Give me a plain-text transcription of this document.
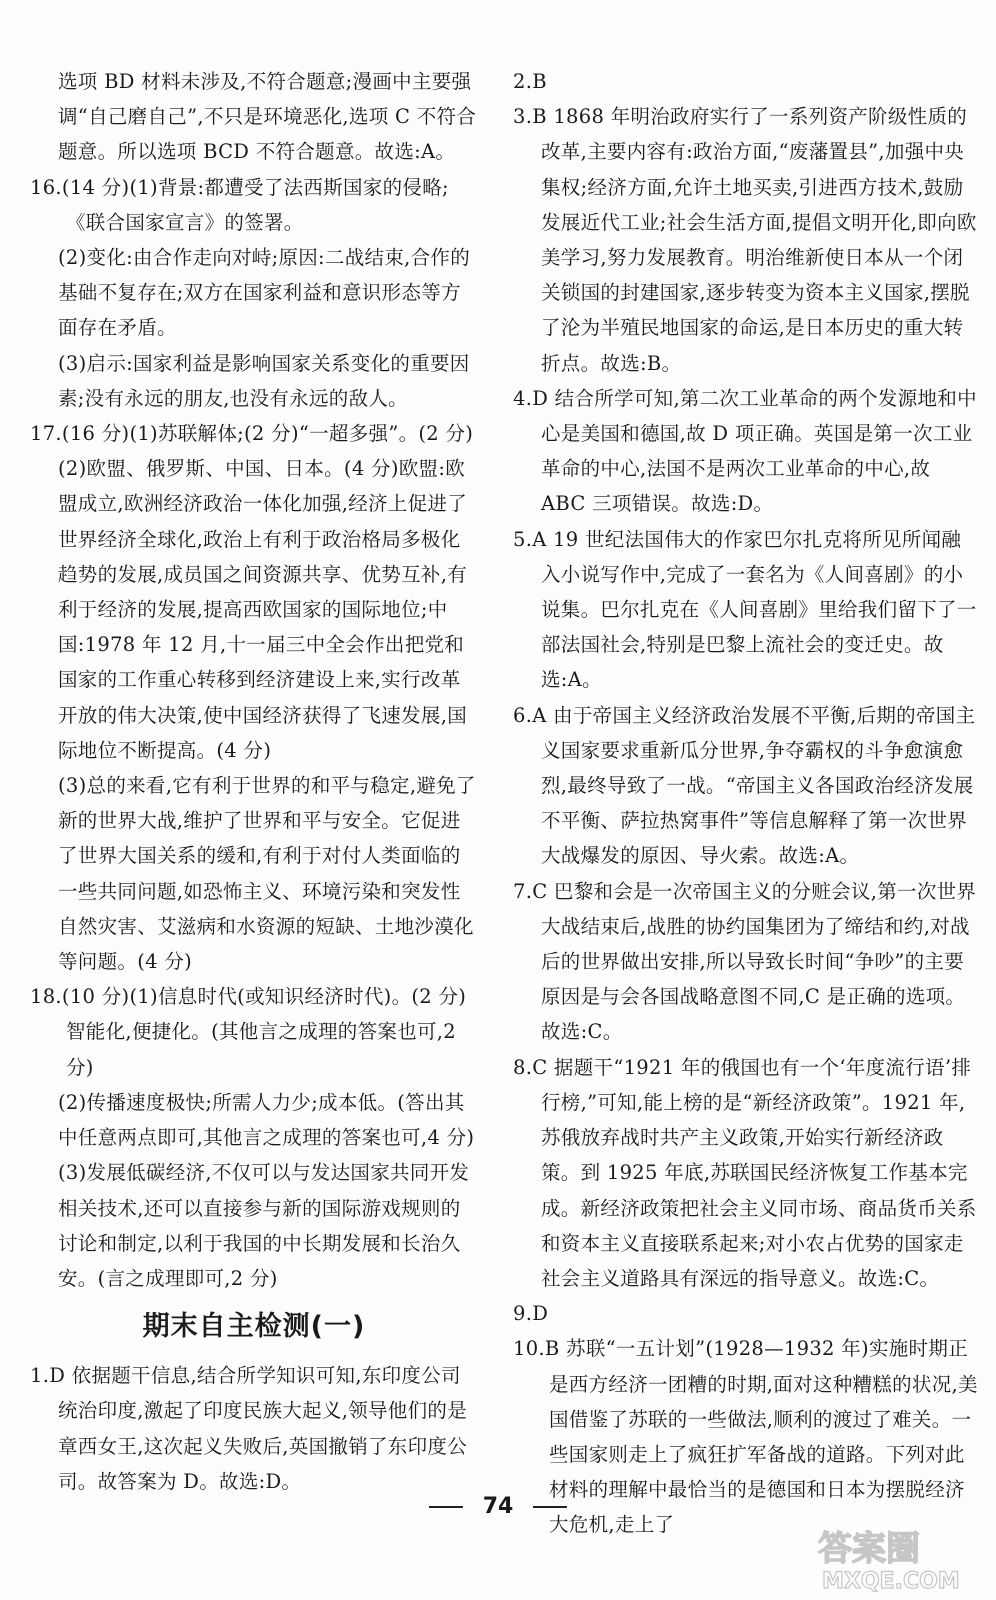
选项 BD 材料未涉及,不符合题意;漫画中主要强调“自己磨自己”,不只是环境恶化,选项 C 不符合题意。所以选项 BCD 不符合题意。故选:A。
16.(14 分)(1)背景:都遭受了法西斯国家的侵略;《联合国家宣言》的签署。
(2)变化:由合作走向对峙;原因:二战结束,合作的基础不复存在;双方在国家利益和意识形态等方面存在矛盾。
(3)启示:国家利益是影响国家关系变化的重要因素;没有永远的朋友,也没有永远的敌人。
17.(16 分)(1)苏联解体;(2 分)“一超多强”。(2 分)
(2)欧盟、俄罗斯、中国、日本。(4 分)欧盟:欧盟成立,欧洲经济政治一体化加强,经济上促进了世界经济全球化,政治上有利于政治格局多极化趋势的发展,成员国之间资源共享、优势互补,有利于经济的发展,提高西欧国家的国际地位;中国:1978 年 12 月,十一届三中全会作出把党和国家的工作重心转移到经济建设上来,实行改革开放的伟大决策,使中国经济获得了飞速发展,国际地位不断提高。(4 分)
(3)总的来看,它有利于世界的和平与稳定,避免了新的世界大战,维护了世界和平与安全。它促进了世界大国关系的缓和,有利于对付人类面临的一些共同问题,如恐怖主义、环境污染和突发性自然灾害、艾滋病和水资源的短缺、土地沙漠化等问题。(4 分)
18.(10 分)(1)信息时代(或知识经济时代)。(2 分)智能化,便捷化。(其他言之成理的答案也可,2 分)
(2)传播速度极快;所需人力少;成本低。(答出其中任意两点即可,其他言之成理的答案也可,4 分)
(3)发展低碳经济,不仅可以与发达国家共同开发相关技术,还可以直接参与新的国际游戏规则的讨论和制定,以利于我国的中长期发展和长治久安。(言之成理即可,2 分)
期末自主检测(一)
1.D 依据题干信息,结合所学知识可知,东印度公司统治印度,激起了印度民族大起义,领导他们的是章西女王,这次起义失败后,英国撤销了东印度公司。故答案为 D。故选:D。
2.B
3.B 1868 年明治政府实行了一系列资产阶级性质的改革,主要内容有:政治方面,“废藩置县”,加强中央集权;经济方面,允许土地买卖,引进西方技术,鼓励发展近代工业;社会生活方面,提倡文明开化,即向欧美学习,努力发展教育。明治维新使日本从一个闭关锁国的封建国家,逐步转变为资本主义国家,摆脱了沦为半殖民地国家的命运,是日本历史的重大转折点。故选:B。
4.D 结合所学可知,第二次工业革命的两个发源地和中心是美国和德国,故 D 项正确。英国是第一次工业革命的中心,法国不是两次工业革命的中心,故 ABC 三项错误。故选:D。
5.A 19 世纪法国伟大的作家巴尔扎克将所见所闻融入小说写作中,完成了一套名为《人间喜剧》的小说集。巴尔扎克在《人间喜剧》里给我们留下了一部法国社会,特别是巴黎上流社会的变迁史。故选:A。
6.A 由于帝国主义经济政治发展不平衡,后期的帝国主义国家要求重新瓜分世界,争夺霸权的斗争愈演愈烈,最终导致了一战。“帝国主义各国政治经济发展不平衡、萨拉热窝事件”等信息解释了第一次世界大战爆发的原因、导火索。故选:A。
7.C 巴黎和会是一次帝国主义的分赃会议,第一次世界大战结束后,战胜的协约国集团为了缔结和约,对战后的世界做出安排,所以导致长时间“争吵”的主要原因是与会各国战略意图不同,C 是正确的选项。故选:C。
8.C 据题干“1921 年的俄国也有一个‘年度流行语’排行榜,”可知,能上榜的是“新经济政策”。1921 年,苏俄放弃战时共产主义政策,开始实行新经济政策。到 1925 年底,苏联国民经济恢复工作基本完成。新经济政策把社会主义同市场、商品货币关系和资本主义直接联系起来;对小农占优势的国家走社会主义道路具有深远的指导意义。故选:C。
9.D
10.B 苏联“一五计划”(1928—1932 年)实施时期正是西方经济一团糟的时期,面对这种糟糕的状况,美国借鉴了苏联的一些做法,顺利的渡过了难关。一些国家则走上了疯狂扩军备战的道路。下列对此材料的理解中最恰当的是德国和日本为摆脱经济大危机,走上了
74
答案圈
MXQE.COM
